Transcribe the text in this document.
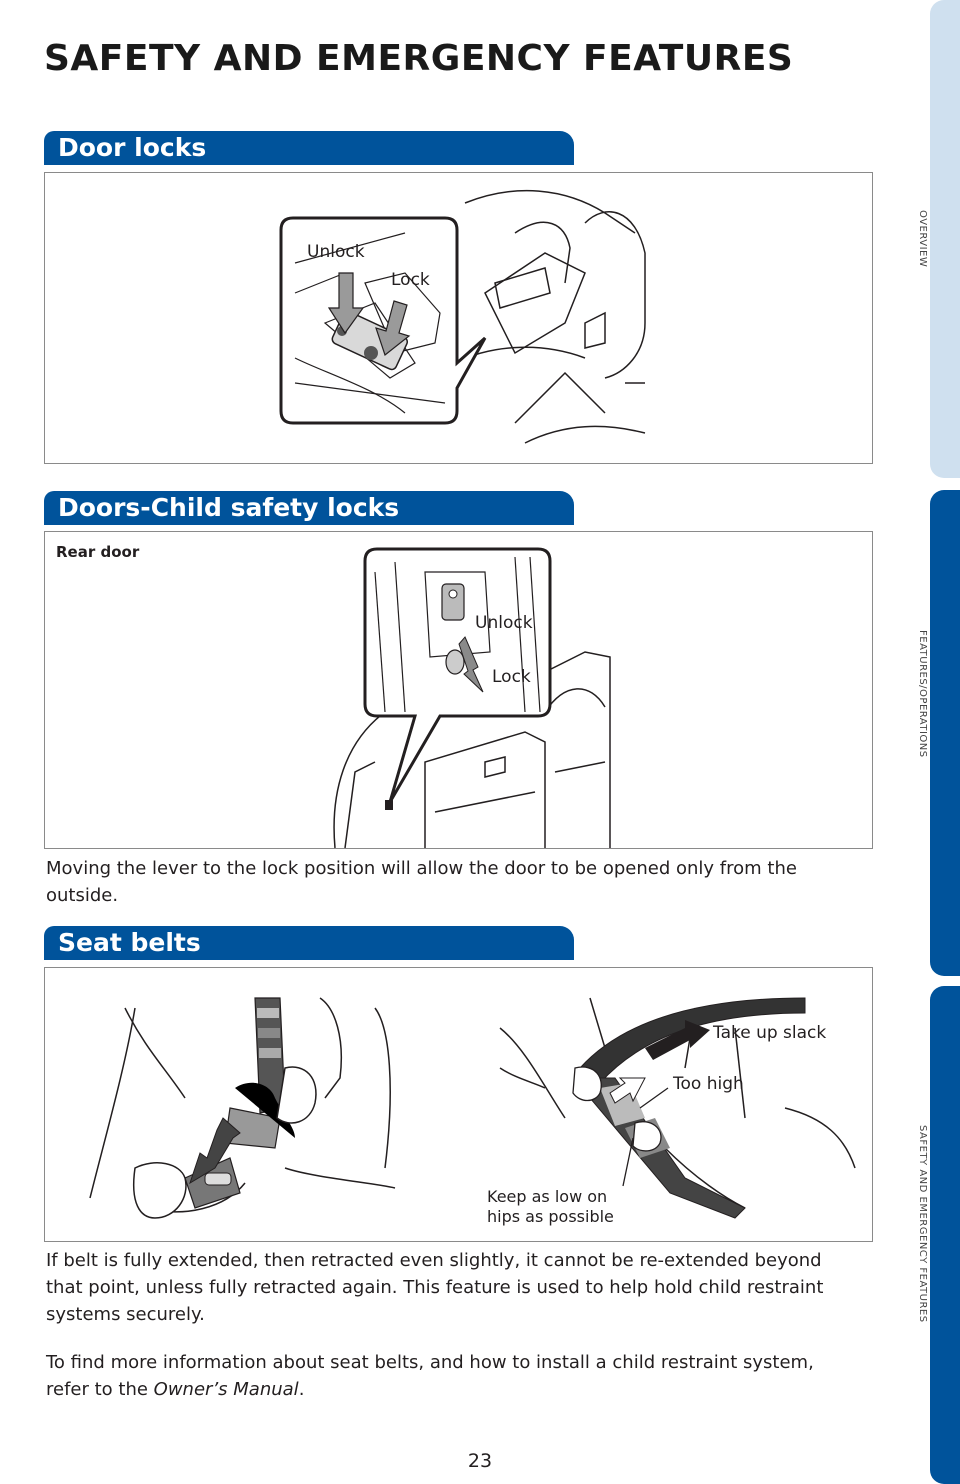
SAFETY AND EMERGENCY FEATURES
Door locks
Unlock
Lock
Doors-Child safety locks
Rear door
Unlock
Lock

Moving the lever to the lock position will allow the door to be opened only from the outside.

Seat belts
Take up slack
Too high
Keep as low on
hips as possible

If belt is fully extended, then retracted even slightly, it cannot be re-extended beyond that point, unless fully retracted again. This feature is used to help hold child restraint systems securely.

To find more information about seat belts, and how to install a child restraint system, refer to the Owner’s Manual.

OVERVIEW
FEATURES/OPERATIONS
SAFETY AND EMERGENCY FEATURES
23
